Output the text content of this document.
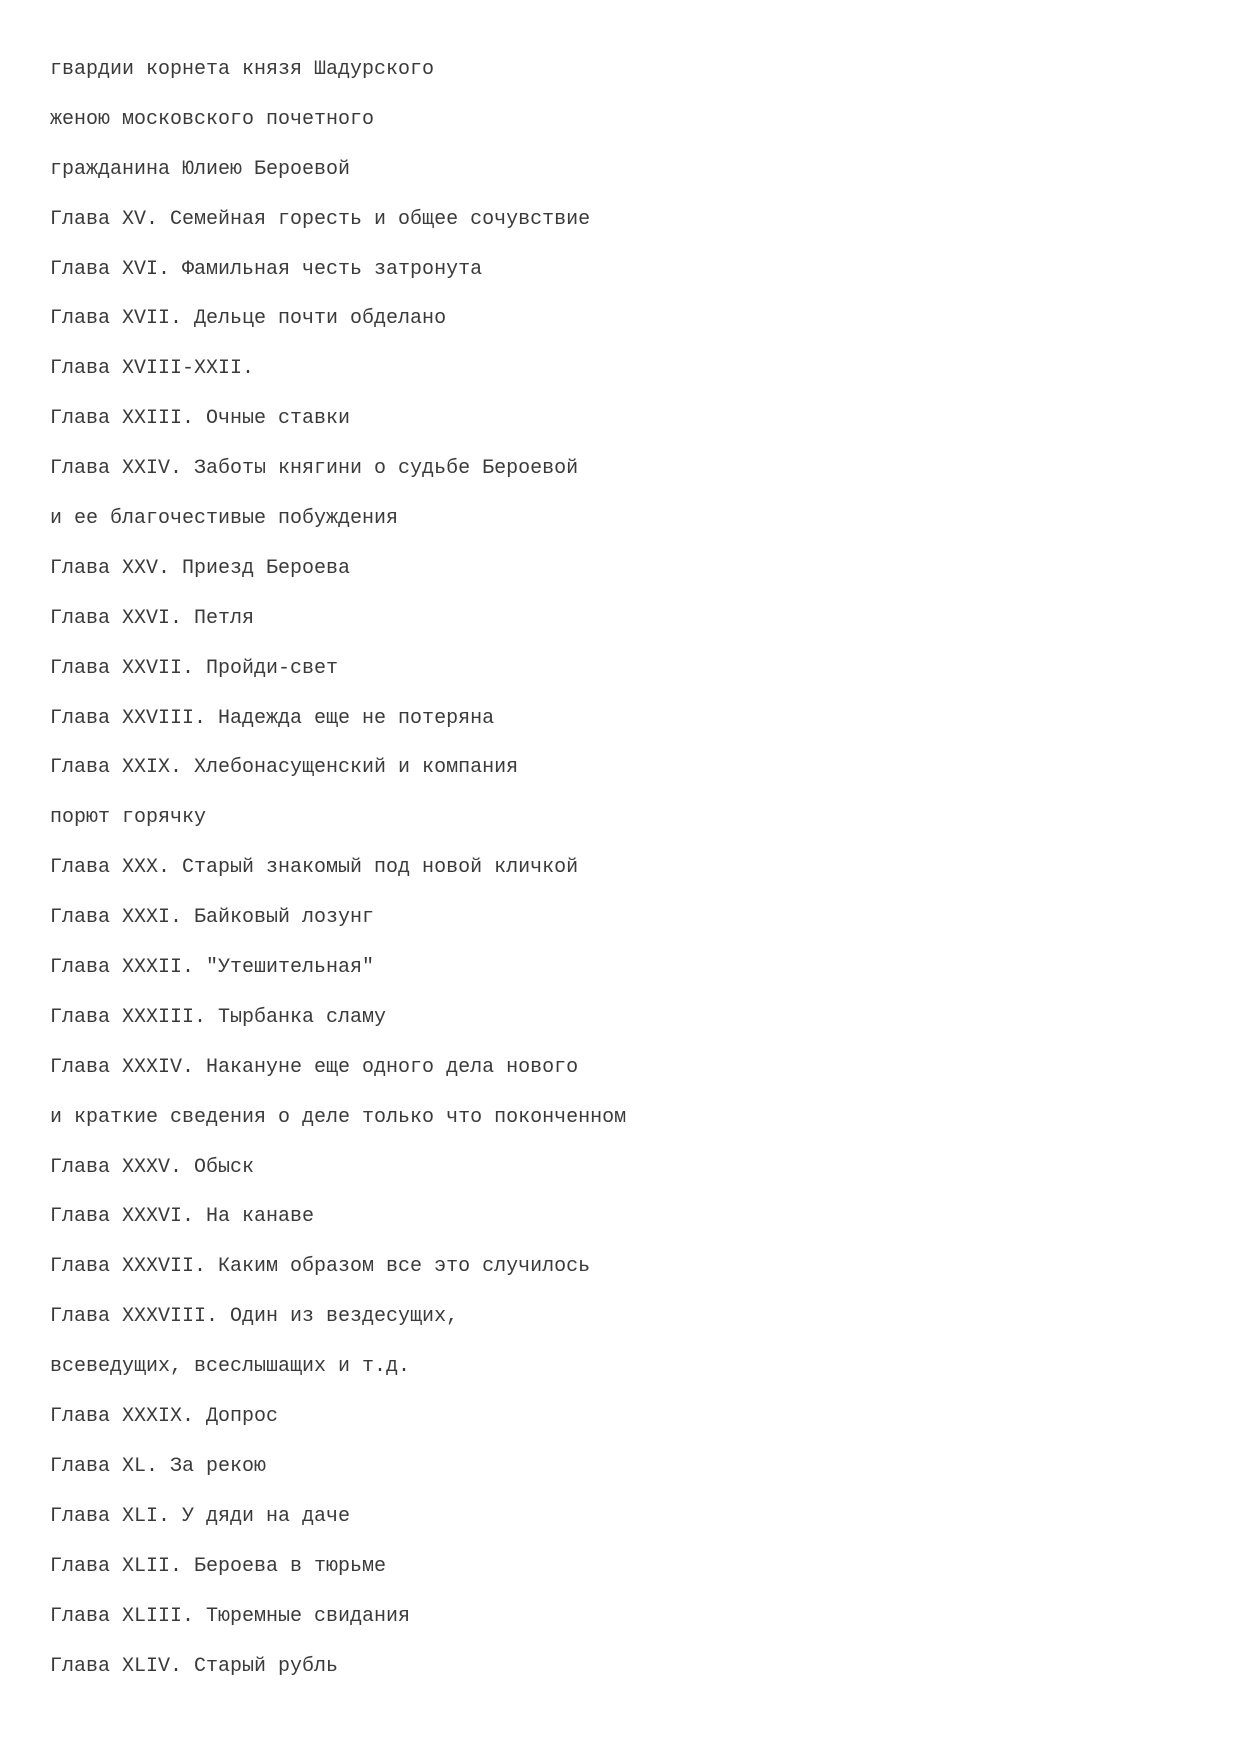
гвардии корнета князя Шадурского
женою московского почетного
гражданина Юлиею Бероевой
Глава XV. Семейная горесть и общее сочувствие
Глава XVI. Фамильная честь затронута
Глава XVII. Дельце почти обделано
Глава XVIII-XXII.
Глава XXIII. Очные ставки
Глава XXIV. Заботы княгини о судьбе Бероевой
и ее благочестивые побуждения
Глава XXV. Приезд Бероева
Глава XXVI. Петля
Глава XXVII. Пройди-свет
Глава XXVIII. Надежда еще не потеряна
Глава XXIX. Хлебонасущенский и компания
порют горячку
Глава XXX. Старый знакомый под новой кличкой
Глава XXXI. Байковый лозунг
Глава XXXII. "Утешительная"
Глава XXXIII. Тырбанка сламу
Глава XXXIV. Накануне еще одного дела нового
и краткие сведения о деле только что поконченном
Глава XXXV. Обыск
Глава XXXVI. На канаве
Глава XXXVII. Каким образом все это случилось
Глава XXXVIII. Один из вездесущих,
всеведущих, всеслышащих и т.д.
Глава XXXIX. Допрос
Глава XL. За рекою
Глава XLI. У дяди на даче
Глава XLII. Бероева в тюрьме
Глава XLIII. Тюремные свидания
Глава XLIV. Старый рубль
